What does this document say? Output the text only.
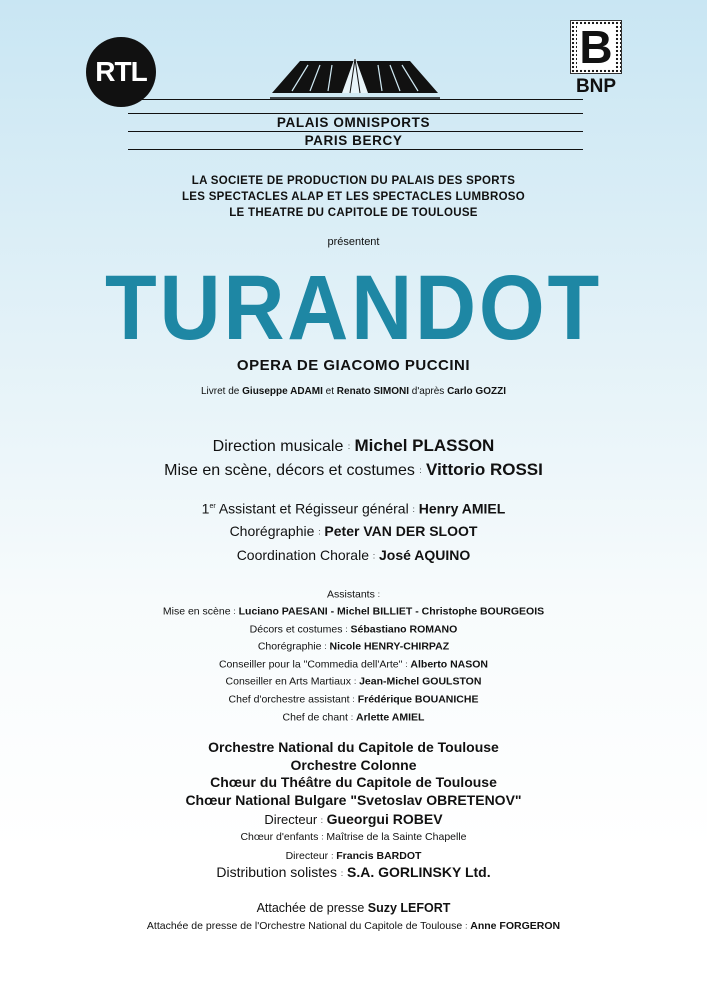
RTL	B
BNP
PALAIS OMNISPORTS
PARIS BERCY
LA SOCIETE DE PRODUCTION DU PALAIS DES SPORTS
LES SPECTACLES ALAP ET LES SPECTACLES LUMBROSO
LE THEATRE DU CAPITOLE DE TOULOUSE
présentent
TURANDOT
OPERA DE GIACOMO PUCCINI
Livret de Giuseppe ADAMI et Renato SIMONI d'après Carlo GOZZI
Direction musicale : Michel PLASSON
Mise en scène, décors et costumes : Vittorio ROSSI
1er Assistant et Régisseur général : Henry AMIEL
Chorégraphie : Peter VAN DER SLOOT
Coordination Chorale : José AQUINO
Assistants :
Mise en scène : Luciano PAESANI - Michel BILLIET - Christophe BOURGEOIS
Décors et costumes : Sébastiano ROMANO
Chorégraphie : Nicole HENRY-CHIRPAZ
Conseiller pour la "Commedia dell'Arte" : Alberto NASON
Conseiller en Arts Martiaux : Jean-Michel GOULSTON
Chef d'orchestre assistant : Frédérique BOUANICHE
Chef de chant : Arlette AMIEL
Orchestre National du Capitole de Toulouse
Orchestre Colonne
Chœur du Théâtre du Capitole de Toulouse
Chœur National Bulgare "Svetoslav OBRETENOV"
Directeur : Gueorgui ROBEV
Chœur d'enfants : Maîtrise de la Sainte Chapelle
Directeur : Francis BARDOT
Distribution solistes : S.A. GORLINSKY Ltd.
Attachée de presse Suzy LEFORT
Attachée de presse de l'Orchestre National du Capitole de Toulouse : Anne FORGERON
